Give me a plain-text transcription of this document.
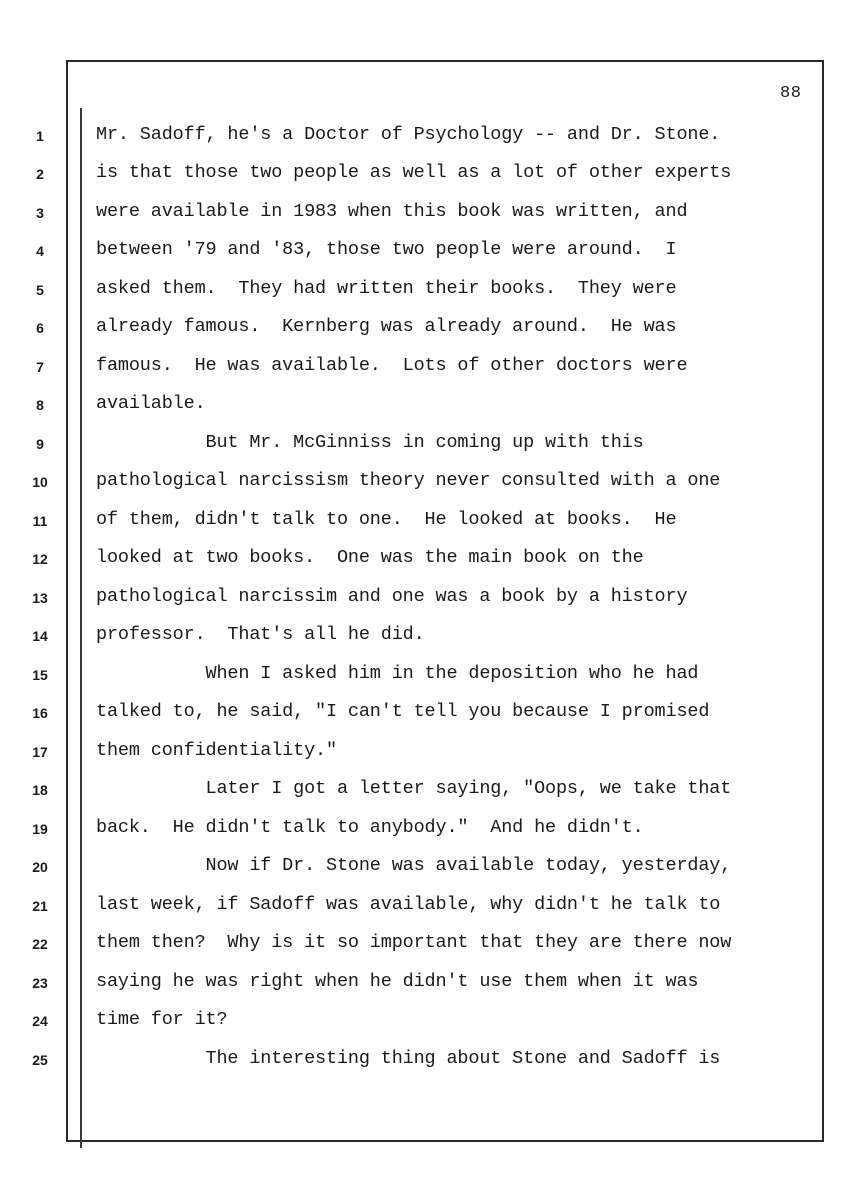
88
1	Mr. Sadoff, he's a Doctor of Psychology -- and Dr. Stone.
2	is that those two people as well as a lot of other experts
3	were available in 1983 when this book was written, and
4	between '79 and '83, those two people were around.  I
5	asked them.  They had written their books.  They were
6	already famous.  Kernberg was already around.  He was
7	famous.  He was available.  Lots of other doctors were
8	available.
9	But Mr. McGinniss in coming up with this
10	pathological narcissism theory never consulted with a one
11	of them, didn't talk to one.  He looked at books.  He
12	looked at two books.  One was the main book on the
13	pathological narcissim and one was a book by a history
14	professor.  That's all he did.
15	When I asked him in the deposition who he had
16	talked to, he said, "I can't tell you because I promised
17	them confidentiality."
18	Later I got a letter saying, "Oops, we take that
19	back.  He didn't talk to anybody."  And he didn't.
20	Now if Dr. Stone was available today, yesterday,
21	last week, if Sadoff was available, why didn't he talk to
22	them then?  Why is it so important that they are there now
23	saying he was right when he didn't use them when it was
24	time for it?
25	The interesting thing about Stone and Sadoff is
